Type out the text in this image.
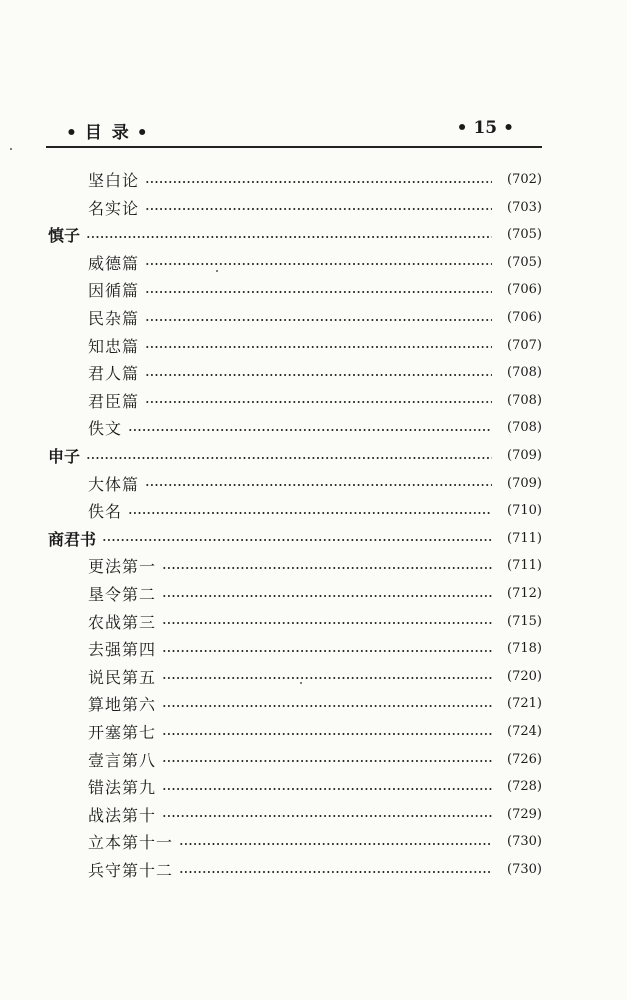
• 目 录 •	• 15 •
坚白论	(702)
名实论	(703)
慎子	(705)
威德篇	(705)
因循篇	(706)
民杂篇	(706)
知忠篇	(707)
君人篇	(708)
君臣篇	(708)
佚文	(708)
申子	(709)
大体篇	(709)
佚名	(710)
商君书	(711)
更法第一	(711)
垦令第二	(712)
农战第三	(715)
去强第四	(718)
说民第五	(720)
算地第六	(721)
开塞第七	(724)
壹言第八	(726)
错法第九	(728)
战法第十	(729)
立本第十一	(730)
兵守第十二	(730)
